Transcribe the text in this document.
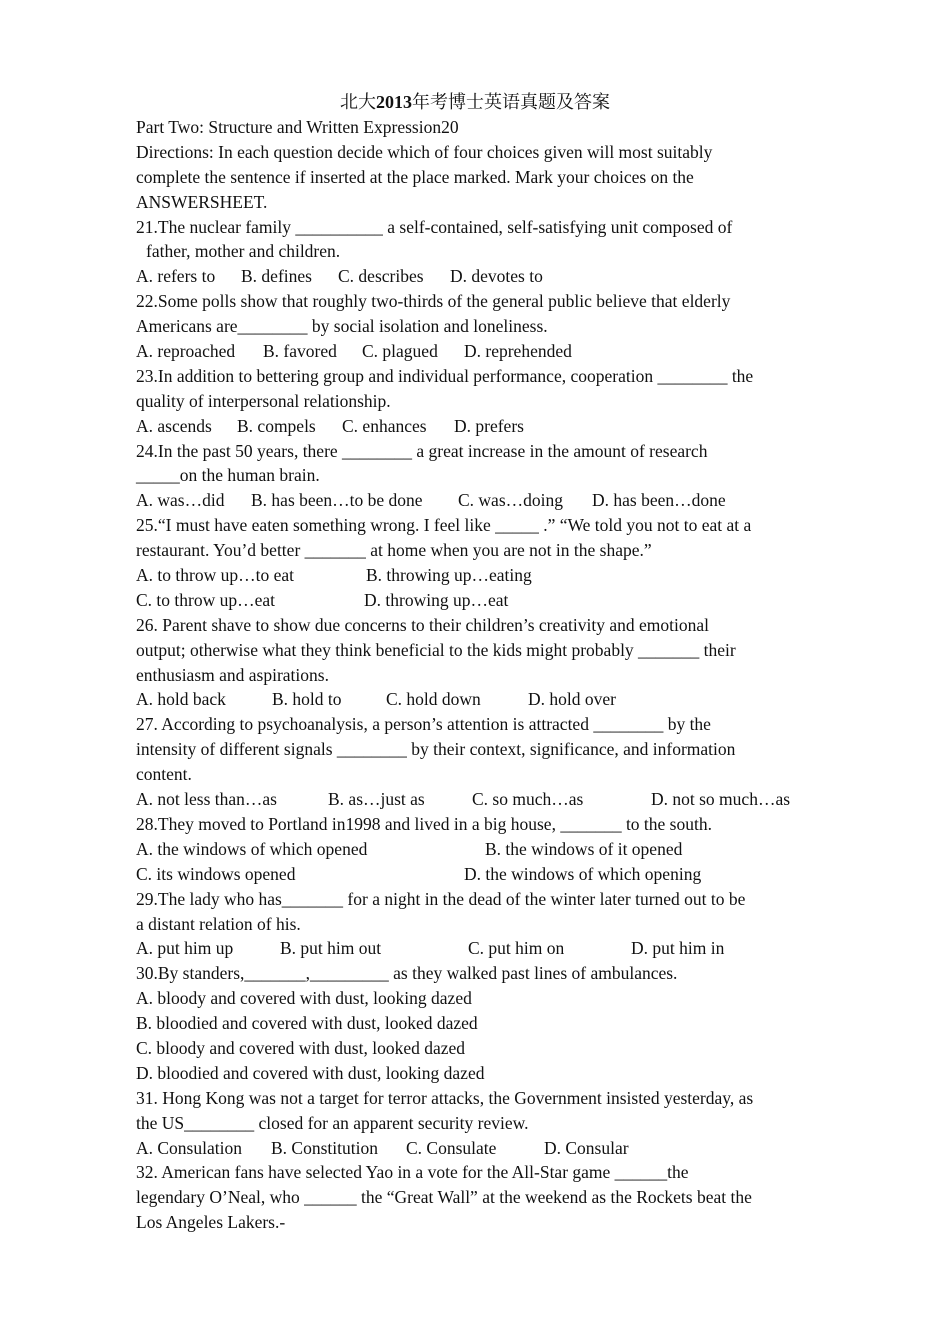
北大2013年考博士英语真题及答案
Part Two: Structure and Written Expression20
Directions: In each question decide which of four choices given will most suitably
complete the sentence if inserted at the place marked. Mark your choices on the
ANSWERSHEET.
21.The nuclear family __________ a self-contained, self-satisfying unit composed of
father, mother and children.
A. refers to B. defines C. describes D. devotes to
22.Some polls show that roughly two-thirds of the general public believe that elderly
Americans are________ by social isolation and loneliness.
A. reproached B. favored C. plagued D. reprehended
23.In addition to bettering group and individual performance, cooperation ________ the
quality of interpersonal relationship.
A. ascends B. compels C. enhances D. prefers
24.In the past 50 years, there ________ a great increase in the amount of research
_____on the human brain.
A. was…did B. has been…to be done C. was…doing D. has been…done
25.“I must have eaten something wrong. I feel like _____ .” “We told you not to eat at a
restaurant. You’d better _______ at home when you are not in the shape.”
A. to throw up…to eat	B. throwing up…eating
C. to throw up…eat	D. throwing up…eat
26. Parent shave to show due concerns to their children’s creativity and emotional
output; otherwise what they think beneficial to the kids might probably _______ their
enthusiasm and aspirations.
A. hold back	B. hold to	C. hold down	D. hold over
27. According to psychoanalysis, a person’s attention is attracted ________ by the
intensity of different signals ________ by their context, significance, and information
content.
A. not less than…as	B. as…just as	C. so much…as	D. not so much…as
28.They moved to Portland in1998 and lived in a big house, _______ to the south.
A. the windows of which opened	B. the windows of it opened
C. its windows opened	D. the windows of which opening
29.The lady who has_______ for a night in the dead of the winter later turned out to be
a distant relation of his.
A. put him up	B. put him out	C. put him on	D. put him in
30.By standers,_______,_________ as they walked past lines of ambulances.
A. bloody and covered with dust, looking dazed
B. bloodied and covered with dust, looked dazed
C. bloody and covered with dust, looked dazed
D. bloodied and covered with dust, looking dazed
31. Hong Kong was not a target for terror attacks, the Government insisted yesterday, as
the US________ closed for an apparent security review.
A. Consulation B. Constitution C. Consulate	D. Consular
32. American fans have selected Yao in a vote for the All-Star game ______the
legendary O’Neal, who ______ the “Great Wall” at the weekend as the Rockets beat the
Los Angeles Lakers.-
